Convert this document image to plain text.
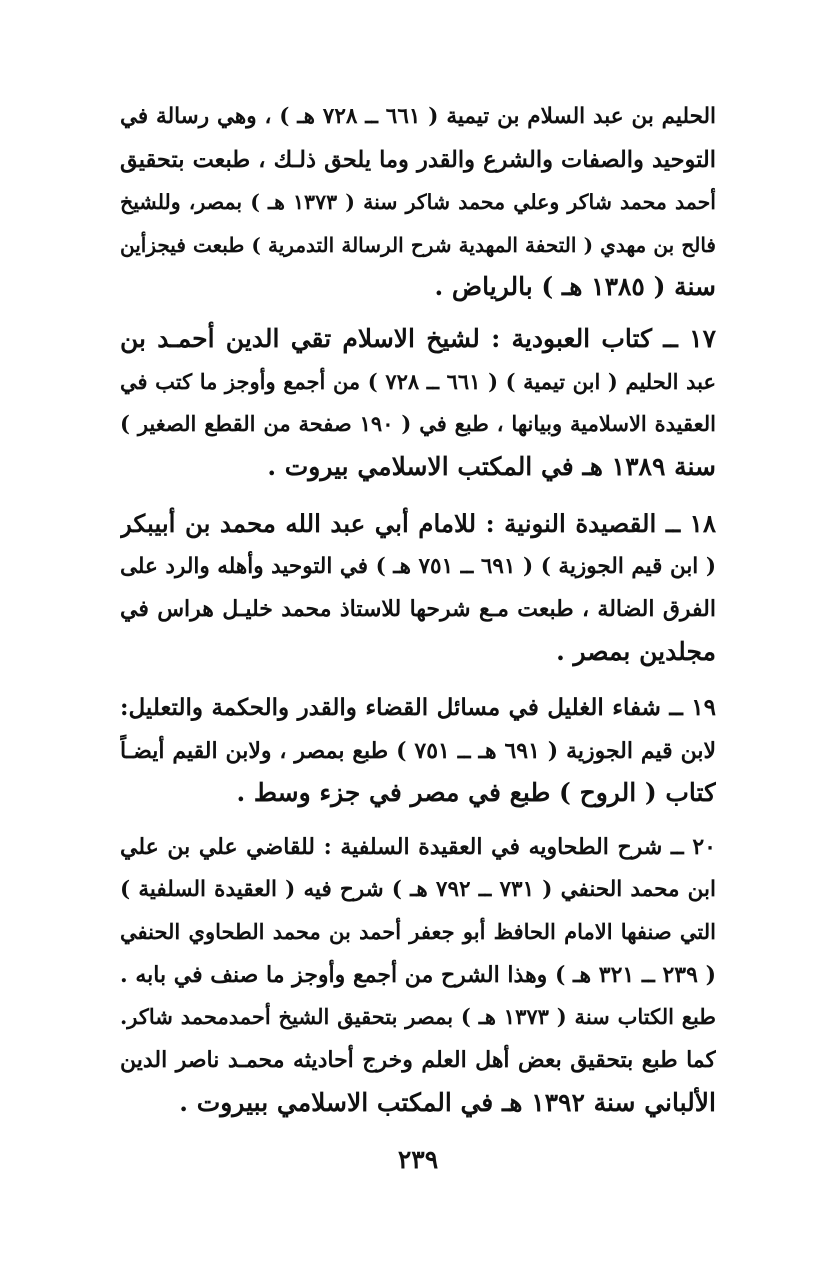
الحليم بن عبد السلام بن تيمية ( ٦٦١ ــ ٧٢٨ هـ ) ، وهي رسالة في
التوحيد والصفات والشرع والقدر وما يلحق ذلـك ، طبعت بتحقيق
أحمد محمد شاكر وعلي محمد شاكر سنة ( ١٣٧٣ هـ ) بمصر، وللشيخ
فالح بن مهدي ( التحفة المهدية شرح الرسالة التدمرية ) طبعت فيجزأين
سنة ( ١٣٨٥ هـ ) بالرياض .
١٧ ــ كتاب العبودية : لشيخ الاسلام تقي الدين أحمـد بن
عبد الحليم ( ابن تيمية ) ( ٦٦١ ــ ٧٢٨ ) من أجمع وأوجز ما كتب في
العقيدة الاسلامية وبيانها ، طبع في ( ١٩٠ صفحة من القطع الصغير )
سنة ١٣٨٩ هـ في المكتب الاسلامي بيروت .
١٨ ــ القصيدة النونية : للامام أبي عبد الله محمد بن أبيبكر
( ابن قيم الجوزية ) ( ٦٩١ ــ ٧٥١ هـ ) في التوحيد وأهله والرد على
الفرق الضالة ، طبعت مـع شرحها للاستاذ محمد خليـل هراس في
مجلدين بمصر .
١٩ ــ شفاء الغليل في مسائل القضاء والقدر والحكمة والتعليل:
لابن قيم الجوزية ( ٦٩١ هـ ــ ٧٥١ ) طبع بمصر ، ولابن القيم أيضـاً
كتاب ( الروح ) طبع في مصر في جزء وسط .
٢٠ ــ شرح الطحاويه في العقيدة السلفية : للقاضي علي بن علي
ابن محمد الحنفي ( ٧٣١ ــ ٧٩٢ هـ ) شرح فيه ( العقيدة السلفية )
التي صنفها الامام الحافظ أبو جعفر أحمد بن محمد الطحاوي الحنفي
( ٢٣٩ ــ ٣٢١ هـ ) وهذا الشرح من أجمع وأوجز ما صنف في بابه .
طبع الكتاب سنة ( ١٣٧٣ هـ ) بمصر بتحقيق الشيخ أحمدمحمد شاكر.
كما طبع بتحقيق بعض أهل العلم وخرج أحاديثه محمـد ناصر الدين
الألباني سنة ١٣٩٢ هـ في المكتب الاسلامي ببيروت .
٢٣٩
